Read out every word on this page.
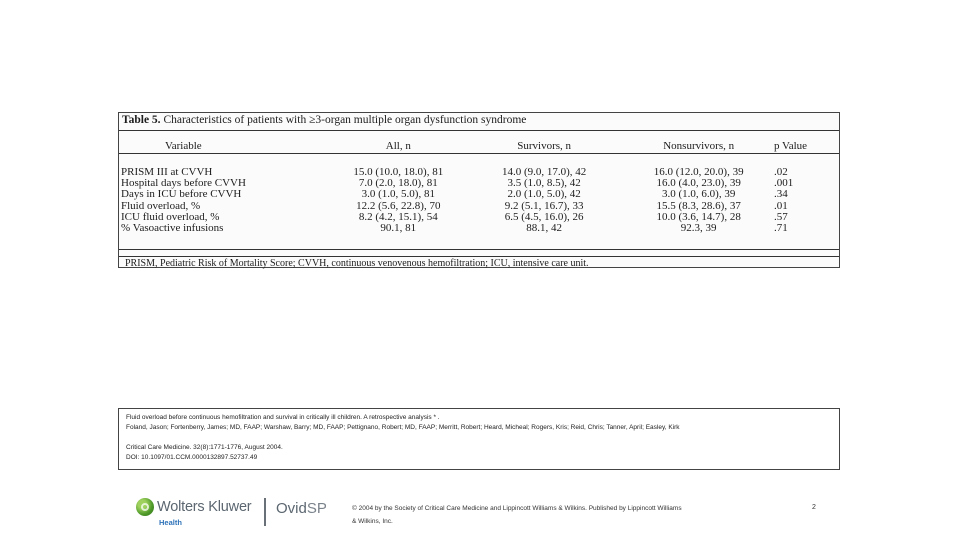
Table 5. Characteristics of patients with ≥3-organ multiple organ dysfunction syndrome
Variable	All, n	Survivors, n	Nonsurvivors, n	p Value
PRISM III at CVVH	15.0 (10.0, 18.0), 81	14.0 (9.0, 17.0), 42	16.0 (12.0, 20.0), 39	.02
Hospital days before CVVH	7.0 (2.0, 18.0), 81	3.5 (1.0, 8.5), 42	16.0 (4.0, 23.0), 39	.001
Days in ICU before CVVH	3.0 (1.0, 5.0), 81	2.0 (1.0, 5.0), 42	3.0 (1.0, 6.0), 39	.34
Fluid overload, %	12.2 (5.6, 22.8), 70	9.2 (5.1, 16.7), 33	15.5 (8.3, 28.6), 37	.01
ICU fluid overload, %	8.2 (4.2, 15.1), 54	6.5 (4.5, 16.0), 26	10.0 (3.6, 14.7), 28	.57
% Vasoactive infusions	90.1, 81	88.1, 42	92.3, 39	.71
PRISM, Pediatric Risk of Mortality Score; CVVH, continuous venovenous hemofiltration; ICU, intensive care unit.
Fluid overload before continuous hemofiltration and survival in critically ill children. A retrospective analysis * .
Foland, Jason; Fortenberry, James; MD, FAAP; Warshaw, Barry; MD, FAAP; Pettignano, Robert; MD, FAAP; Merritt, Robert; Heard, Micheal; Rogers, Kris; Reid, Chris; Tanner, April; Easley, Kirk
Critical Care Medicine. 32(8):1771-1776, August 2004.
DOI: 10.1097/01.CCM.0000132897.52737.49
Wolters Kluwer
Health
OvidSP	© 2004 by the Society of Critical Care Medicine and Lippincott Williams & Wilkins. Published by Lippincott Williams
& Wilkins, Inc.
2
